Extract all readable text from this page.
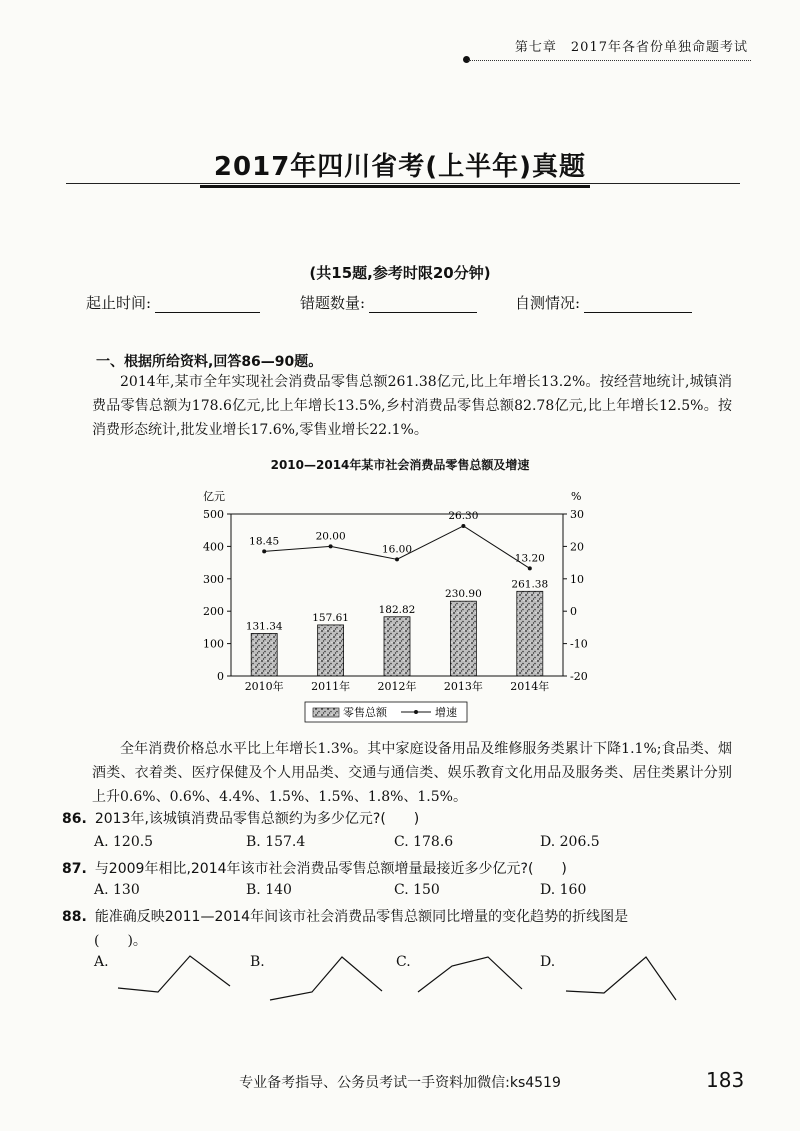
第七章　2017年各省份单独命题考试
2017年四川省考(上半年)真题
(共15题,参考时限20分钟)
起止时间:	错题数量:	自测情况:
一、根据所给资料,回答86—90题。
2014年,某市全年实现社会消费品零售总额261.38亿元,比上年增长13.2%。按经营地统计,城镇消费品零售总额为178.6亿元,比上年增长13.5%,乡村消费品零售总额82.78亿元,比上年增长12.5%。按消费形态统计,批发业增长17.6%,零售业增长22.1%。
2010—2014年某市社会消费品零售总额及增速
亿元	%
0
100
200
300
400
500
-20
-10
0
10
20
30
131.34
2010年
157.61
2011年
182.82
2012年
230.90
2013年
261.38
2014年
18.45	20.00
16.00
26.30
13.20
零售总额	增速
全年消费价格总水平比上年增长1.3%。其中家庭设备用品及维修服务类累计下降1.1%;食品类、烟酒类、衣着类、医疗保健及个人用品类、交通与通信类、娱乐教育文化用品及服务类、居住类累计分别上升0.6%、0.6%、4.4%、1.5%、1.5%、1.8%、1.5%。
86. 2013年,该城镇消费品零售总额约为多少亿元?(　　)
A. 120.5	B. 157.4	C. 178.6	D. 206.5
87. 与2009年相比,2014年该市社会消费品零售总额增量最接近多少亿元?(　　)
A. 130	B. 140	C. 150	D. 160
88. 能准确反映2011—2014年间该市社会消费品零售总额同比增量的变化趋势的折线图是
(　　)。
A.	B.	C.	D.
专业备考指导、公务员考试一手资料加微信:ks4519	183
